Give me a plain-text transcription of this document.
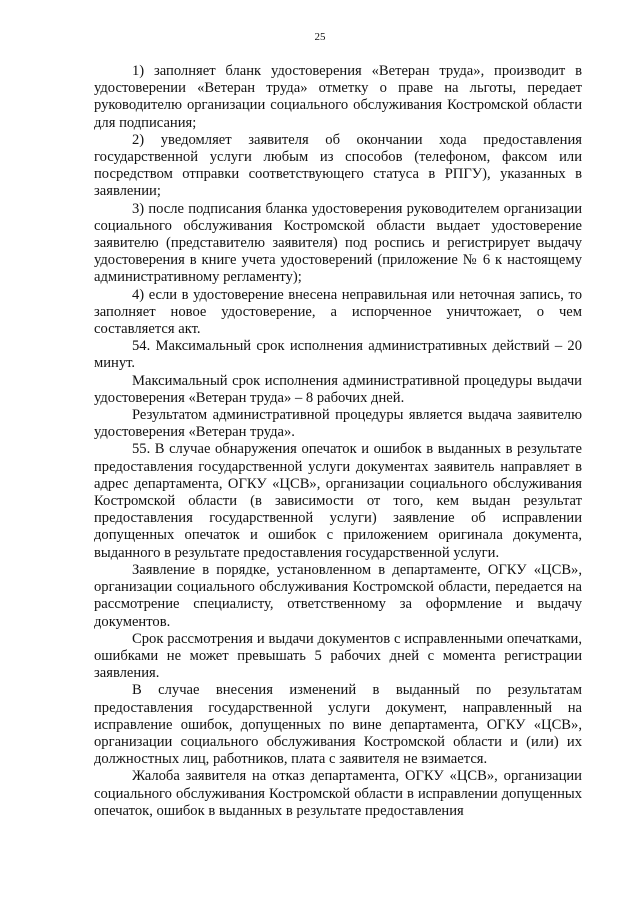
25

1) заполняет бланк удостоверения «Ветеран труда», производит в удостоверении «Ветеран труда» отметку о праве на льготы, передает руководителю организации социального обслуживания Костромской области для подписания;

2) уведомляет заявителя об окончании хода предоставления государственной услуги любым из способов (телефоном, факсом или посредством отправки соответствующего статуса в РПГУ), указанных в заявлении;

3) после подписания бланка удостоверения руководителем организации социального обслуживания Костромской области выдает удостоверение заявителю (представителю заявителя) под роспись и регистрирует выдачу удостоверения в книге учета удостоверений (приложение № 6 к настоящему административному регламенту);

4) если в удостоверение внесена неправильная или неточная запись, то заполняет новое удостоверение, а испорченное уничтожает, о чем составляется акт.

54. Максимальный срок исполнения административных действий – 20 минут.

Максимальный срок исполнения административной процедуры выдачи удостоверения «Ветеран труда» – 8 рабочих дней.

Результатом административной процедуры является выдача заявителю удостоверения «Ветеран труда».

55. В случае обнаружения опечаток и ошибок в выданных в результате предоставления государственной услуги документах заявитель направляет в адрес департамента, ОГКУ «ЦСВ», организации социального обслуживания Костромской области (в зависимости от того, кем выдан результат предоставления государственной услуги) заявление об исправлении допущенных опечаток и ошибок с приложением оригинала документа, выданного в результате предоставления государственной услуги.

Заявление в порядке, установленном в департаменте, ОГКУ «ЦСВ», организации социального обслуживания Костромской области, передается на рассмотрение специалисту, ответственному за оформление и выдачу документов.

Срок рассмотрения и выдачи документов с исправленными опечатками, ошибками не может превышать 5 рабочих дней с момента регистрации заявления.

В случае внесения изменений в выданный по результатам предоставления государственной услуги документ, направленный на исправление ошибок, допущенных по вине департамента, ОГКУ «ЦСВ», организации социального обслуживания Костромской области и (или) их должностных лиц, работников, плата с заявителя не взимается.

Жалоба заявителя на отказ департамента, ОГКУ «ЦСВ», организации социального обслуживания Костромской области в исправлении допущенных опечаток, ошибок в выданных в результате предоставления
